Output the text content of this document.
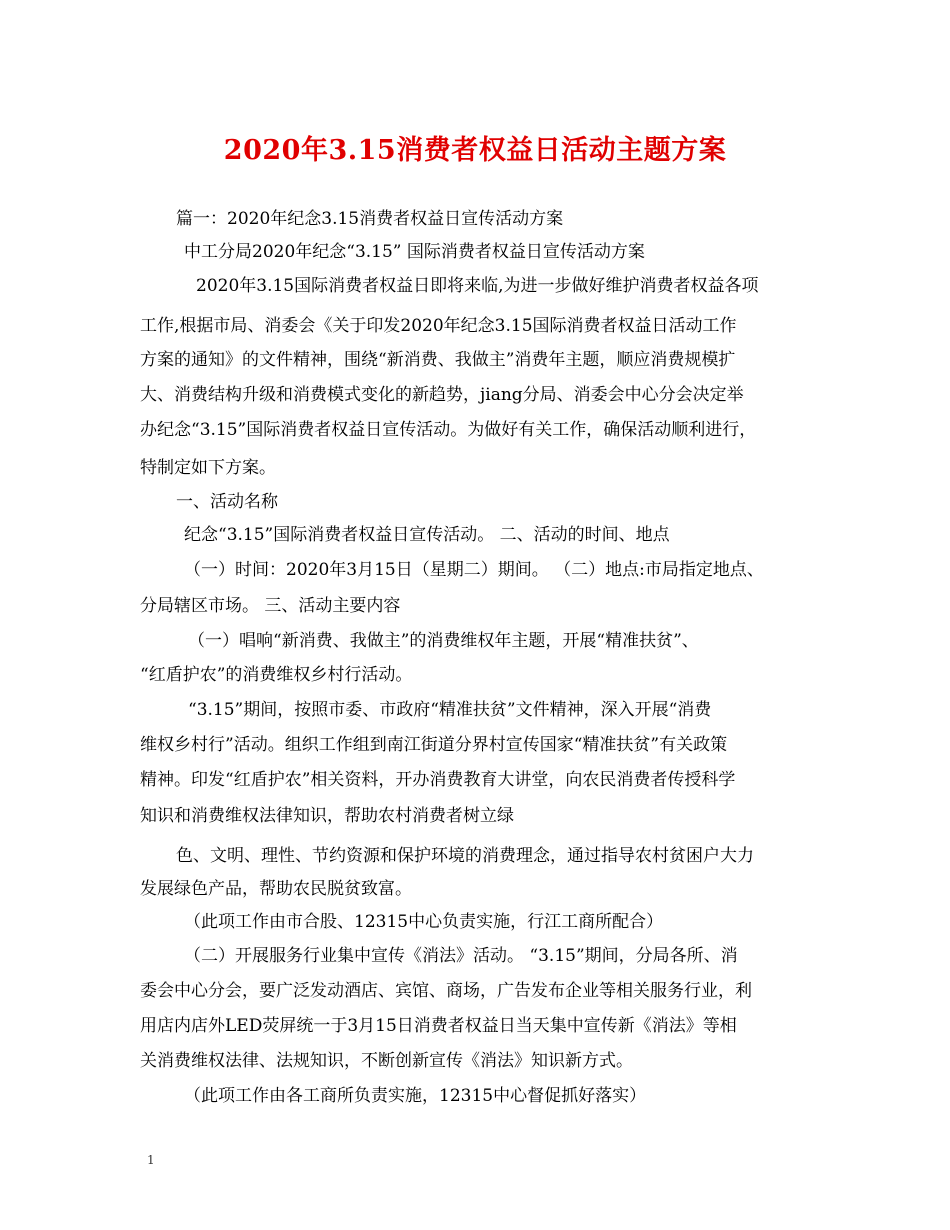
2020年3.15消费者权益日活动主题方案
篇一：2020年纪念3.15消费者权益日宣传活动方案
中工分局2020年纪念“3.15” 国际消费者权益日宣传活动方案
2020年3.15国际消费者权益日即将来临,为进一步做好维护消费者权益各项
工作,根据市局、消委会《关于印发2020年纪念3.15国际消费者权益日活动工作
方案的通知》的文件精神，围绕“新消费、我做主”消费年主题，顺应消费规模扩
大、消费结构升级和消费模式变化的新趋势，jiang分局、消委会中心分会决定举
办纪念“3.15”国际消费者权益日宣传活动。为做好有关工作，确保活动顺利进行，
特制定如下方案。
一、活动名称
纪念“3.15”国际消费者权益日宣传活动。 二、活动的时间、地点
（一）时间：2020年3月15日（星期二）期间。 （二）地点:市局指定地点、
分局辖区市场。 三、活动主要内容
（一）唱响“新消费、我做主”的消费维权年主题，开展“精准扶贫”、
“红盾护农”的消费维权乡村行活动。
“3.15”期间，按照市委、市政府“精准扶贫”文件精神，深入开展“消费
维权乡村行”活动。组织工作组到南江街道分界村宣传国家“精准扶贫”有关政策
精神。印发“红盾护农”相关资料，开办消费教育大讲堂，向农民消费者传授科学
知识和消费维权法律知识，帮助农村消费者树立绿
色、文明、理性、节约资源和保护环境的消费理念，通过指导农村贫困户大力
发展绿色产品，帮助农民脱贫致富。
（此项工作由市合股、12315中心负责实施，行江工商所配合）
（二）开展服务行业集中宣传《消法》活动。 “3.15”期间，分局各所、消
委会中心分会，要广泛发动酒店、宾馆、商场，广告发布企业等相关服务行业，利
用店内店外LED荧屏统一于3月15日消费者权益日当天集中宣传新《消法》等相
关消费维权法律、法规知识，不断创新宣传《消法》知识新方式。
（此项工作由各工商所负责实施，12315中心督促抓好落实）
1
